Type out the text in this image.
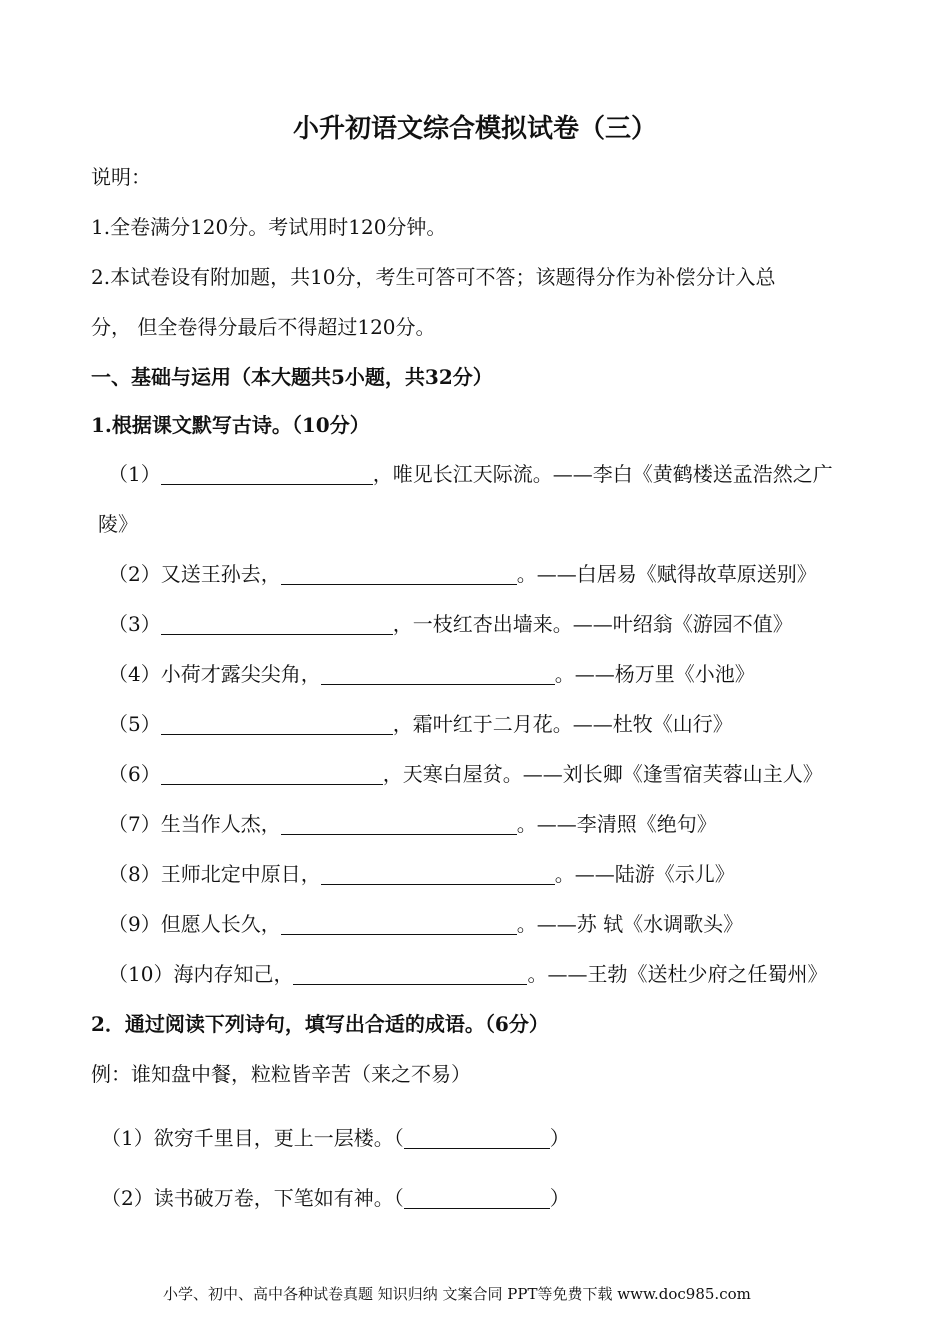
小升初语文综合模拟试卷（三）
说明：
1.全卷满分120分。考试用时120分钟。
2.本试卷设有附加题，共10分，考生可答可不答；该题得分作为补偿分计入总
分， 但全卷得分最后不得超过120分。
一、基础与运用（本大题共5小题，共32分）
1.根据课文默写古诗。（10分）
（1）	，唯见长江天际流。——李白《黄鹤楼送孟浩然之广
陵》
（2）又送王孙去，	。——白居易《赋得故草原送别》
（3）	，一枝红杏出墙来。——叶绍翁《游园不值》
（4）小荷才露尖尖角，	。——杨万里《小池》
（5）	，霜叶红于二月花。——杜牧《山行》
（6）	，天寒白屋贫。——刘长卿《逢雪宿芙蓉山主人》
（7）生当作人杰，	。——李清照《绝句》
（8）王师北定中原日，	。——陆游《示儿》
（9）但愿人长久，	。——苏 轼《水调歌头》
（10）海内存知己，	。——王勃《送杜少府之任蜀州》
2．通过阅读下列诗句，填写出合适的成语。（6分）
例：谁知盘中餐，粒粒皆辛苦（来之不易）
（1）欲穷千里目，更上一层楼。（	）
（2）读书破万卷，下笔如有神。（	）
小学、初中、高中各种试卷真题 知识归纳 文案合同 PPT等免费下载 www.doc985.com
